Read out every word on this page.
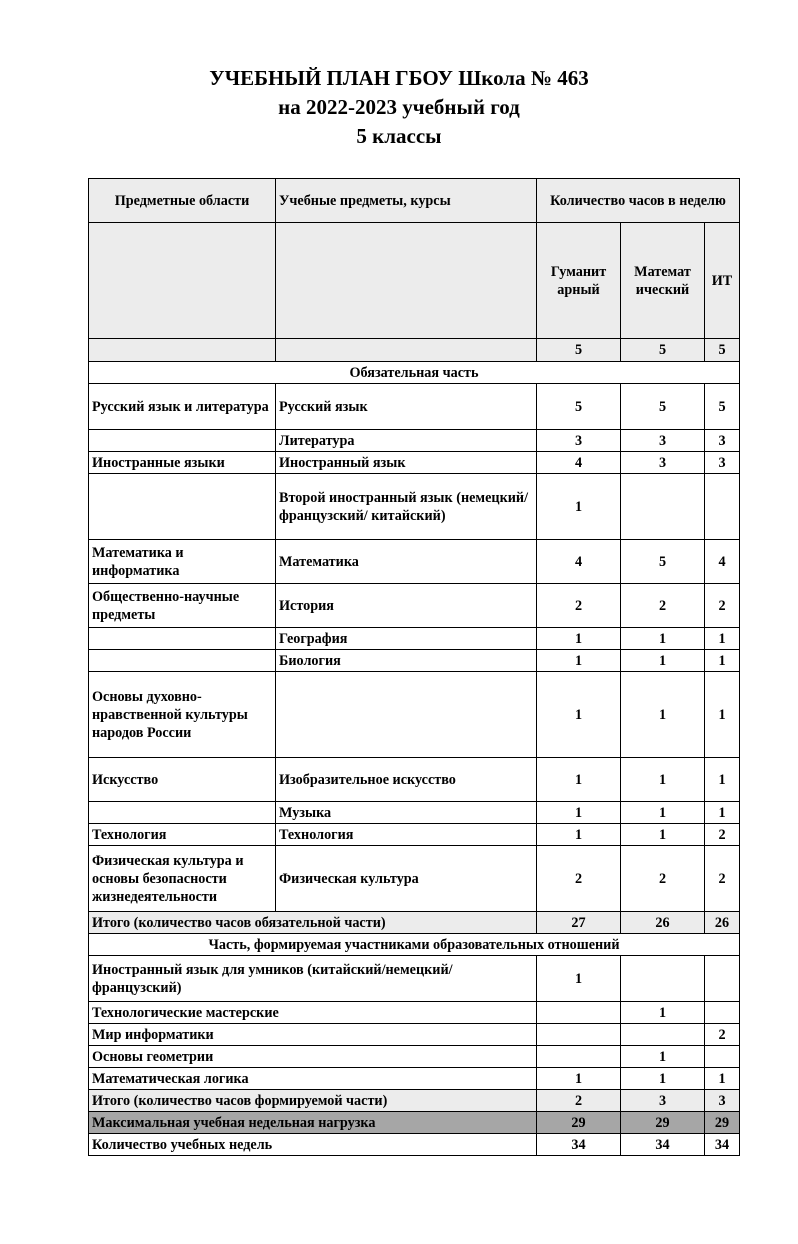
УЧЕБНЫЙ ПЛАН ГБОУ Школа № 463
на 2022-2023 учебный год
5 классы
Предметные области	Учебные предметы, курсы	Количество часов в неделю		
		Гуманит арный	Математ ический	ИТ
		5	5	5
Обязательная часть				
Русский язык и литература	Русский язык	5	5	5
	Литература	3	3	3
Иностранные языки	Иностранный язык	4	3	3
	Второй иностранный язык (немецкий/французский/ китайский)	1		
Математика и информатика	Математика	4	5	4
Общественно-научные предметы	История	2	2	2
	География	1	1	1
	Биология	1	1	1
Основы духовно-нравственной культуры народов России		1	1	1
Искусство	Изобразительное искусство	1	1	1
	Музыка	1	1	1
Технология	Технология	1	1	2
Физическая культура и основы безопасности жизнедеятельности	Физическая культура	2	2	2
Итого (количество часов обязательной части)		27	26	26
Часть, формируемая участниками образовательных отношений				
Иностранный язык для умников (китайский/немецкий/ французский)		1		
Технологические мастерские			1	
Мир информатики				2
Основы геометрии			1	
Математическая логика		1	1	1
Итого (количество часов формируемой части)		2	3	3
Максимальная учебная недельная нагрузка		29	29	29
Количество учебных недель		34	34	34
